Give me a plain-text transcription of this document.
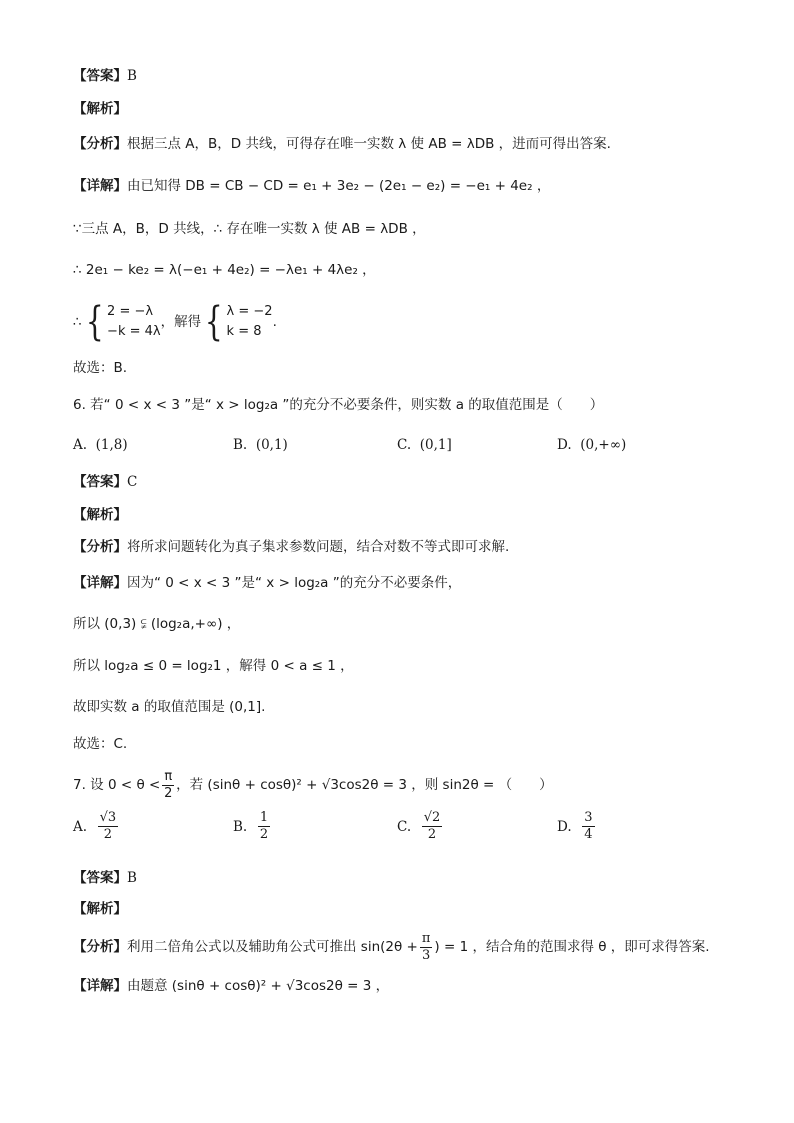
【答案】B
【解析】
【分析】根据三点 A，B，D 共线，可得存在唯一实数 λ 使 AB = λDB ，进而可得出答案.
【详解】由已知得 DB = CB − CD = e₁ + 3e₂ − (2e₁ − e₂) = −e₁ + 4e₂ ，
∵三点 A，B，D 共线，∴ 存在唯一实数 λ 使 AB = λDB ，
∴ 2e₁ − ke₂ = λ(−e₁ + 4e₂) = −λe₁ + 4λe₂ ，
∴ { 2 = −λ
−k = 4λ
，解得 { λ = −2
k = 8
.
故选：B.
6. 若“ 0 < x < 3 ”是“ x > log₂a ”的充分不必要条件，则实数 a 的取值范围是（　　）
A. (1,8)	B. (0,1)	C. (0,1]	D. (0,+∞)
【答案】C
【解析】
【分析】将所求问题转化为真子集求参数问题，结合对数不等式即可求解.
【详解】因为“ 0 < x < 3 ”是“ x > log₂a ”的充分不必要条件，
所以 (0,3) ⫋ (log₂a,+∞) ，
所以 log₂a ≤ 0 = log₂1 ，解得 0 < a ≤ 1 ，
故即实数 a 的取值范围是 (0,1].
故选：C.
7. 设 $0 < \theta < \frac{\pi}{2}$ ，若 (sinθ + cosθ)² + √3cos2θ = 3 ，则 sin2θ = （　　）
A.
$\frac{√3}{2}$	B.
$\frac{1}{2}$	C.
$\frac{√2}{2}$	D.
$\frac{3}{4}$
【答案】B
【解析】
【分析】 利用二倍角公式以及辅助角公式可推出 $\sin(2\theta + \frac{\pi}{3}$ ) = 1 ，结合角的范围求得 θ ，即可求得答案.
【详解】由题意 (sinθ + cosθ)² + √3cos2θ = 3 ，
